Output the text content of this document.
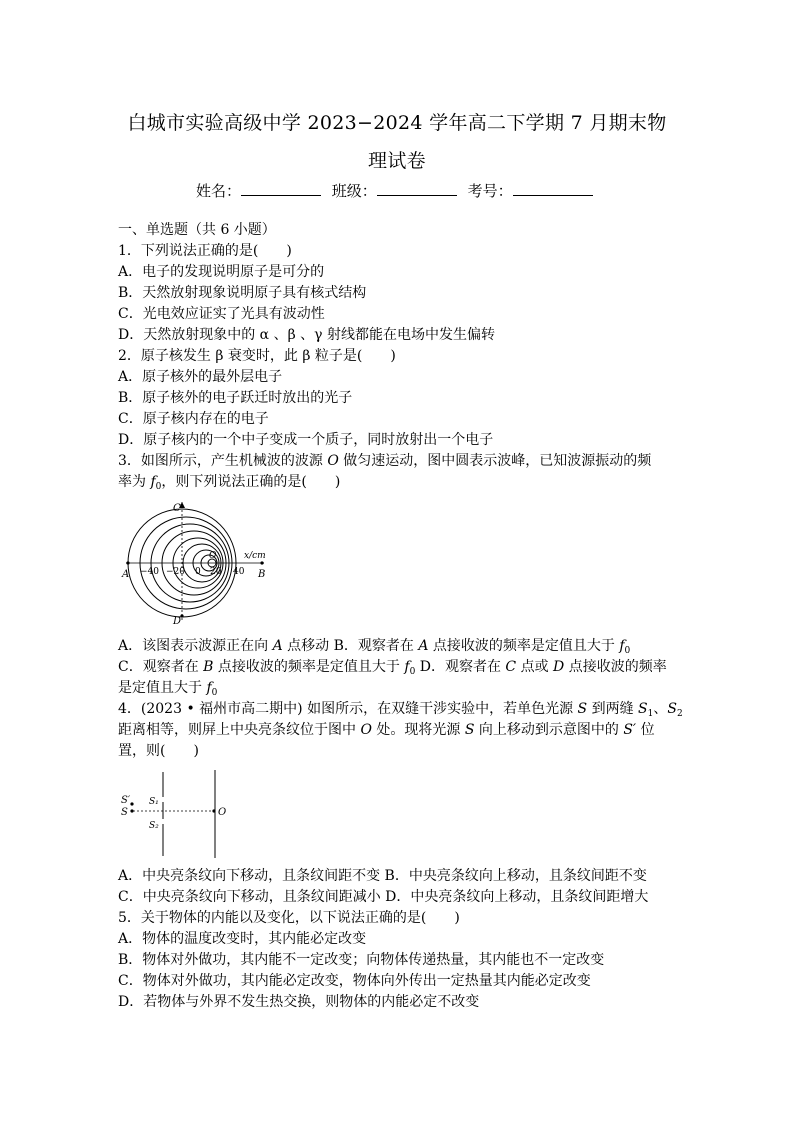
白城市实验高级中学 2023−2024 学年高二下学期 7 月期末物
理试卷
姓名：	班级：	考号：
一、单选题（共 6 小题）
1．下列说法正确的是(　　)
A．电子的发现说明原子是可分的
B．天然放射现象说明原子具有核式结构
C．光电效应证实了光具有波动性
D．天然放射现象中的 α 、β 、γ 射线都能在电场中发生偏转
2．原子核发生 β 衰变时，此 β 粒子是(　　)
A．原子核外的最外层电子
B．原子核外的电子跃迁时放出的光子
C．原子核内存在的电子
D．原子核内的一个中子变成一个质子，同时放射出一个电子
3．如图所示，产生机械波的波源 O 做匀速运动，图中圆表示波峰，已知波源振动的频
率为 $f_0$，则下列说法正确的是(　　)
A	B
C
D
O	x/cm
−40 −20 0 20 40
A．该图表示波源正在向 A 点移动 B．观察者在 A 点接收波的频率是定值且大于 $f_0$
C．观察者在 B 点接收波的频率是定值且大于 $f_0$ D．观察者在 C 点或 D 点接收波的频率
是定值且大于 $f_0$
4．(2023 • 福州市高二期中) 如图所示，在双缝干涉实验中，若单色光源 S 到两缝 $S_1$、$S_2$
距离相等，则屏上中央亮条纹位于图中 O 处。现将光源 S 向上移动到示意图中的 S′ 位
置，则(　　)
S′
S
S₁
S₂
O
A．中央亮条纹向下移动，且条纹间距不变 B．中央亮条纹向上移动，且条纹间距不变
C．中央亮条纹向下移动，且条纹间距减小 D．中央亮条纹向上移动，且条纹间距增大
5．关于物体的内能以及变化，以下说法正确的是(　　)
A．物体的温度改变时，其内能必定改变
B．物体对外做功，其内能不一定改变；向物体传递热量，其内能也不一定改变
C．物体对外做功，其内能必定改变，物体向外传出一定热量其内能必定改变
D．若物体与外界不发生热交换，则物体的内能必定不改变
